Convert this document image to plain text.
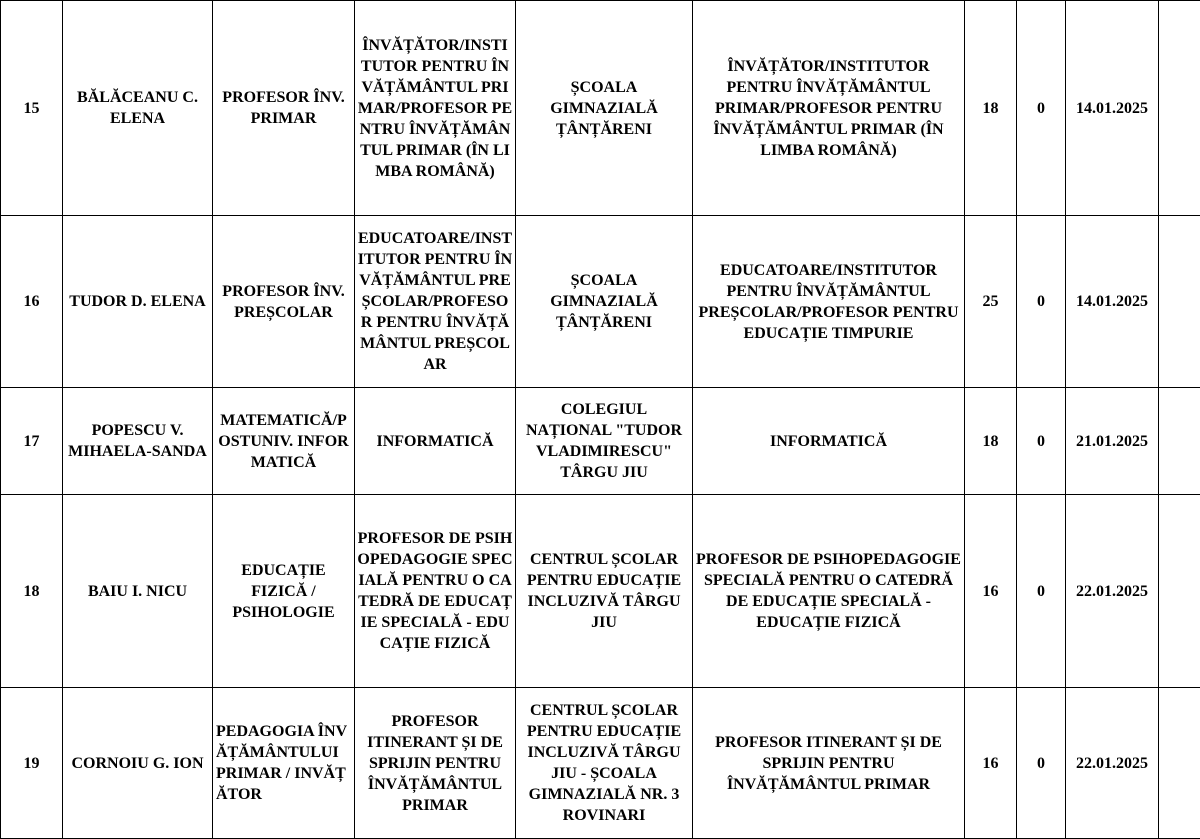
15	BĂLĂCEANU C. ELENA	PROFESOR ÎNV. PRIMAR	ÎNVĂȚĂTOR/INSTITUTOR PENTRU ÎNVĂȚĂMÂNTUL PRIMAR/PROFESOR PENTRU ÎNVĂȚĂMÂNTUL PRIMAR (ÎN LIMBA ROMÂNĂ)	ȘCOALA GIMNAZIALĂ ȚÂNȚĂRENI	ÎNVĂȚĂTOR/INSTITUTOR PENTRU ÎNVĂȚĂMÂNTUL PRIMAR/PROFESOR PENTRU ÎNVĂȚĂMÂNTUL PRIMAR (ÎN LIMBA ROMÂNĂ)	18	0	14.01.2025	
16	TUDOR D. ELENA	PROFESOR ÎNV. PREȘCOLAR	EDUCATOARE/INSTITUTOR PENTRU ÎNVĂȚĂMÂNTUL PREȘCOLAR/PROFESOR PENTRU ÎNVĂȚĂMÂNTUL PREȘCOLAR	ȘCOALA GIMNAZIALĂ ȚÂNȚĂRENI	EDUCATOARE/INSTITUTOR PENTRU ÎNVĂȚĂMÂNTUL PREȘCOLAR/PROFESOR PENTRU EDUCAȚIE TIMPURIE	25	0	14.01.2025	
17	POPESCU V. MIHAELA-SANDA	MATEMATICĂ/POSTUNIV. INFORMATICĂ	INFORMATICĂ	COLEGIUL NAȚIONAL "TUDOR VLADIMIRESCU" TÂRGU JIU	INFORMATICĂ	18	0	21.01.2025	
18	BAIU I. NICU	EDUCAȚIE FIZICĂ / PSIHOLOGIE	PROFESOR DE PSIHOPEDAGOGIE SPECIALĂ PENTRU O CATEDRĂ DE EDUCAȚIE SPECIALĂ - EDUCAȚIE FIZICĂ	CENTRUL ȘCOLAR PENTRU EDUCAȚIE INCLUZIVĂ TÂRGU JIU	PROFESOR DE PSIHOPEDAGOGIE SPECIALĂ PENTRU O CATEDRĂ DE EDUCAȚIE SPECIALĂ - EDUCAȚIE FIZICĂ	16	0	22.01.2025	
19	CORNOIU G. ION	PEDAGOGIA ÎNVĂȚĂMÂNTULUI PRIMAR / INVĂȚĂTOR	PROFESOR ITINERANT ȘI DE SPRIJIN PENTRU ÎNVĂȚĂMÂNTUL PRIMAR	CENTRUL ȘCOLAR PENTRU EDUCAȚIE INCLUZIVĂ TÂRGU JIU - ȘCOALA GIMNAZIALĂ NR. 3 ROVINARI	PROFESOR ITINERANT ȘI DE SPRIJIN PENTRU ÎNVĂȚĂMÂNTUL PRIMAR	16	0	22.01.2025	
